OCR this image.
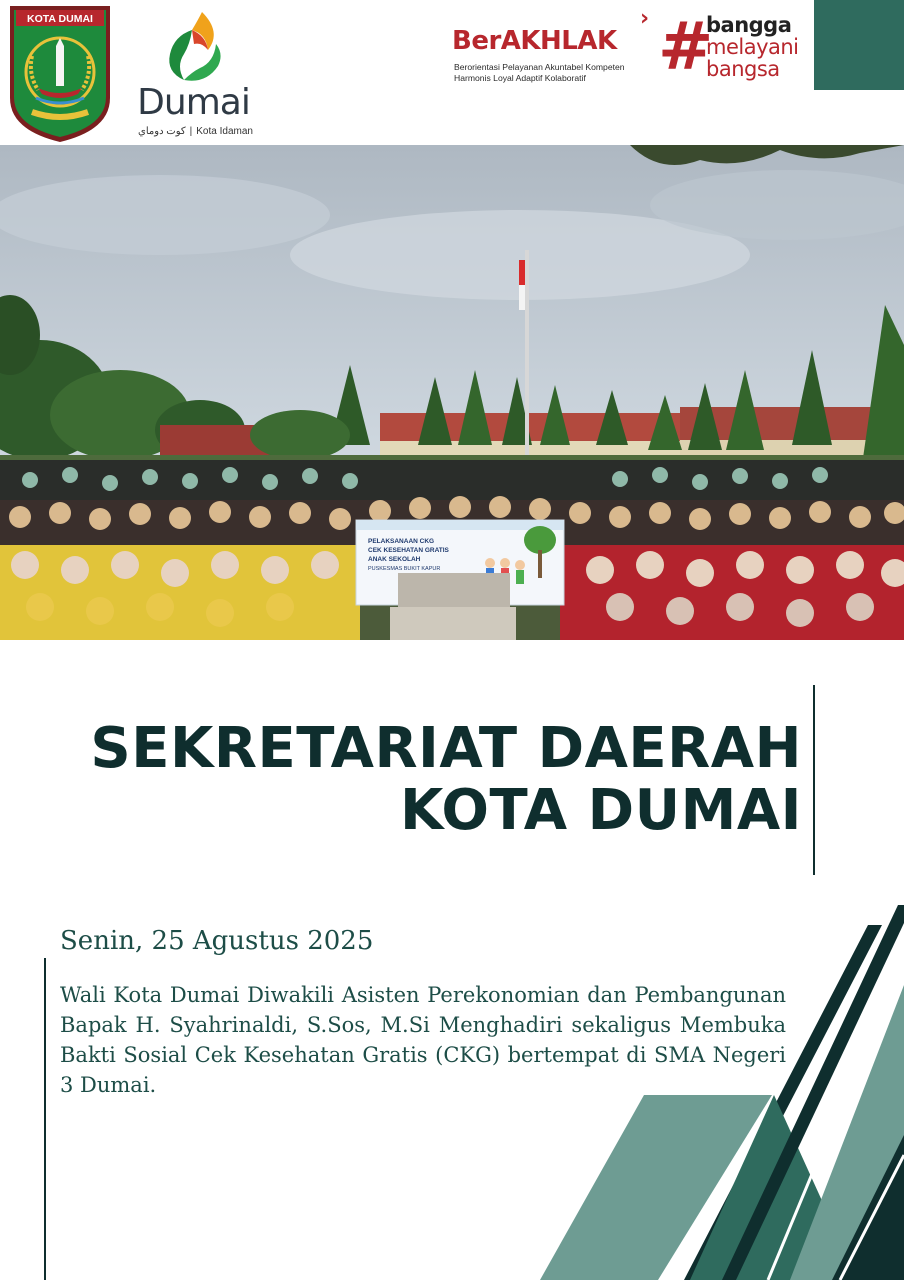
KOTA DUMAI
Dumai
كوت دوماي | Kota Idaman
BerAKHLAK
›
Berorientasi Pelayanan Akuntabel Kompeten
Harmonis Loyal Adaptif Kolaboratif	#
bangga
melayani
bangsa
PELAKSANAAN CKG
CEK KESEHATAN GRATIS
ANAK SEKOLAH
PUSKESMAS BUKIT KAPUR
SEKRETARIAT DAERAH
KOTA DUMAI
Senin, 25 Agustus 2025
Wali Kota Dumai Diwakili Asisten Perekonomian dan Pembangunan Bapak H. Syahrinaldi, S.Sos, M.Si Menghadiri sekaligus Membuka Bakti Sosial Cek Kesehatan Gratis (CKG) bertempat di SMA Negeri 3 Dumai.
